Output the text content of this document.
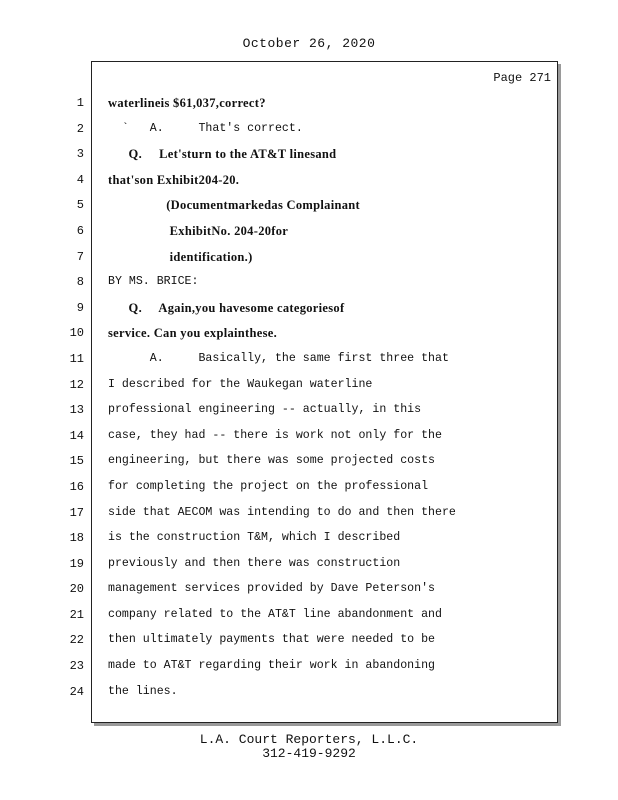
October 26, 2020
Page 271
1
2
3
4
5
6
7
8
9
10
11
12
13
14
15
16
17
18
19
20
21
22
23
24
waterlineis $61,037,correct?
`   A.     That's correct.
Q.     Let'sturn to the AT&T linesand
that'son Exhibit204-20.
(Documentmarkedas Complainant
ExhibitNo. 204-20for
identification.)
BY MS. BRICE:
Q.     Again,you havesome categoriesof
service. Can you explainthese.
A.     Basically, the same first three that
I described for the Waukegan waterline
professional engineering -- actually, in this
case, they had -- there is work not only for the
engineering, but there was some projected costs
for completing the project on the professional
side that AECOM was intending to do and then there
is the construction T&M, which I described
previously and then there was construction
management services provided by Dave Peterson's
company related to the AT&T line abandonment and
then ultimately payments that were needed to be
made to AT&T regarding their work in abandoning
the lines.
L.A. Court Reporters, L.L.C.
312-419-9292
